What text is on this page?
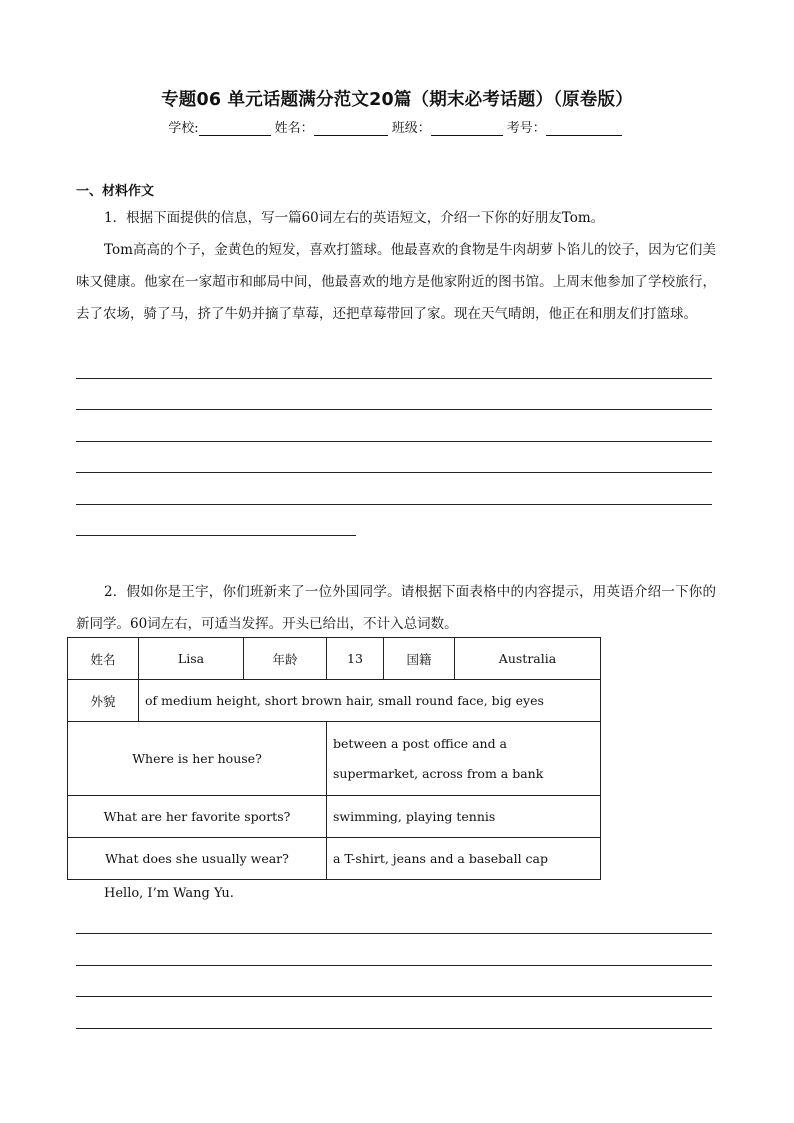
专题06 单元话题满分范文20篇（期末必考话题）（原卷版）
学校:	姓名：	班级：	考号：
一、材料作文

1．根据下面提供的信息，写一篇60词左右的英语短文，介绍一下你的好朋友Tom。

Tom高高的个子，金黄色的短发，喜欢打篮球。他最喜欢的食物是牛肉胡萝卜馅儿的饺子，因为它们美味又健康。他家在一家超市和邮局中间，他最喜欢的地方是他家附近的图书馆。上周末他参加了学校旅行，去了农场，骑了马，挤了牛奶并摘了草莓，还把草莓带回了家。现在天气晴朗，他正在和朋友们打篮球。

2．假如你是王宇，你们班新来了一位外国同学。请根据下面表格中的内容提示，用英语介绍一下你的新同学。60词左右，可适当发挥。开头已给出，不计入总词数。

姓名	Lisa	年龄	13	国籍	Australia
外貌	of medium height, short brown hair, small round face, big eyes				
Where is her house?			between a post office and a supermarket, across from a bank		
What are her favorite sports?			swimming, playing tennis		
What does she usually wear?			a T-shirt, jeans and a baseball cap		
Hello, I’m Wang Yu.
